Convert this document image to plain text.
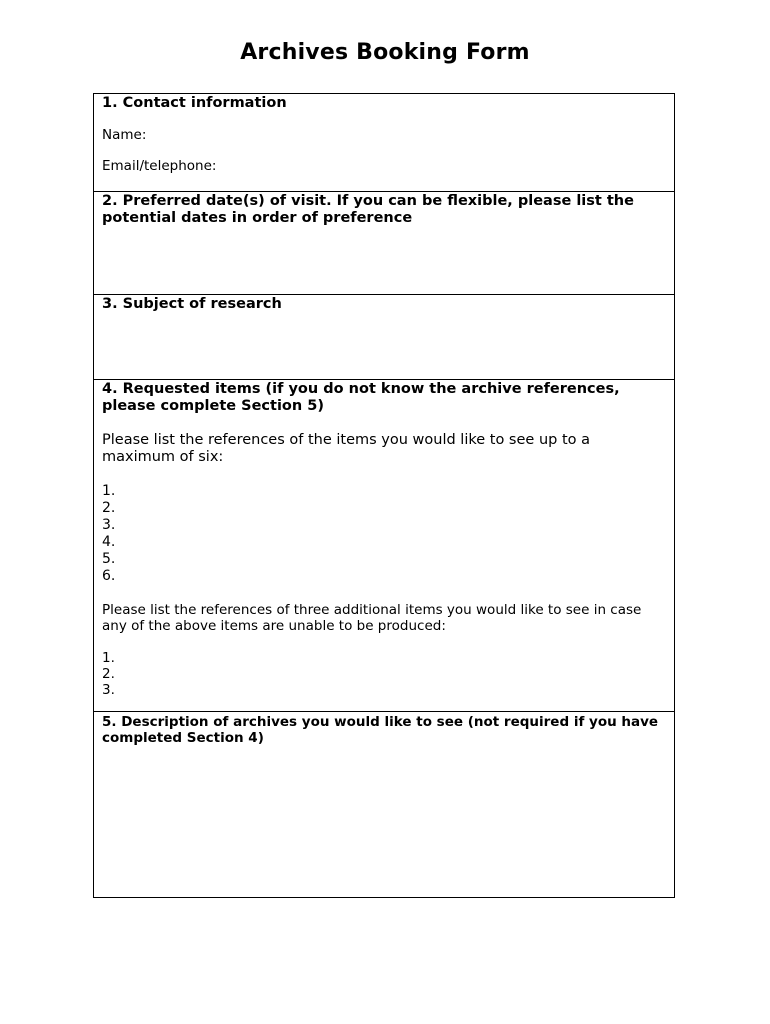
Archives Booking Form
1. Contact information
Name:
Email/telephone:
2. Preferred date(s) of visit. If you can be flexible, please list the potential dates in order of preference
3. Subject of research
4. Requested items (if you do not know the archive references, please complete Section 5)
Please list the references of the items you would like to see up to a maximum of six:
1.
2.
3.
4.
5.
6.
Please list the references of three additional items you would like to see in case any of the above items are unable to be produced:
1.
2.
3.
5. Description of archives you would like to see (not required if you have completed Section 4)
